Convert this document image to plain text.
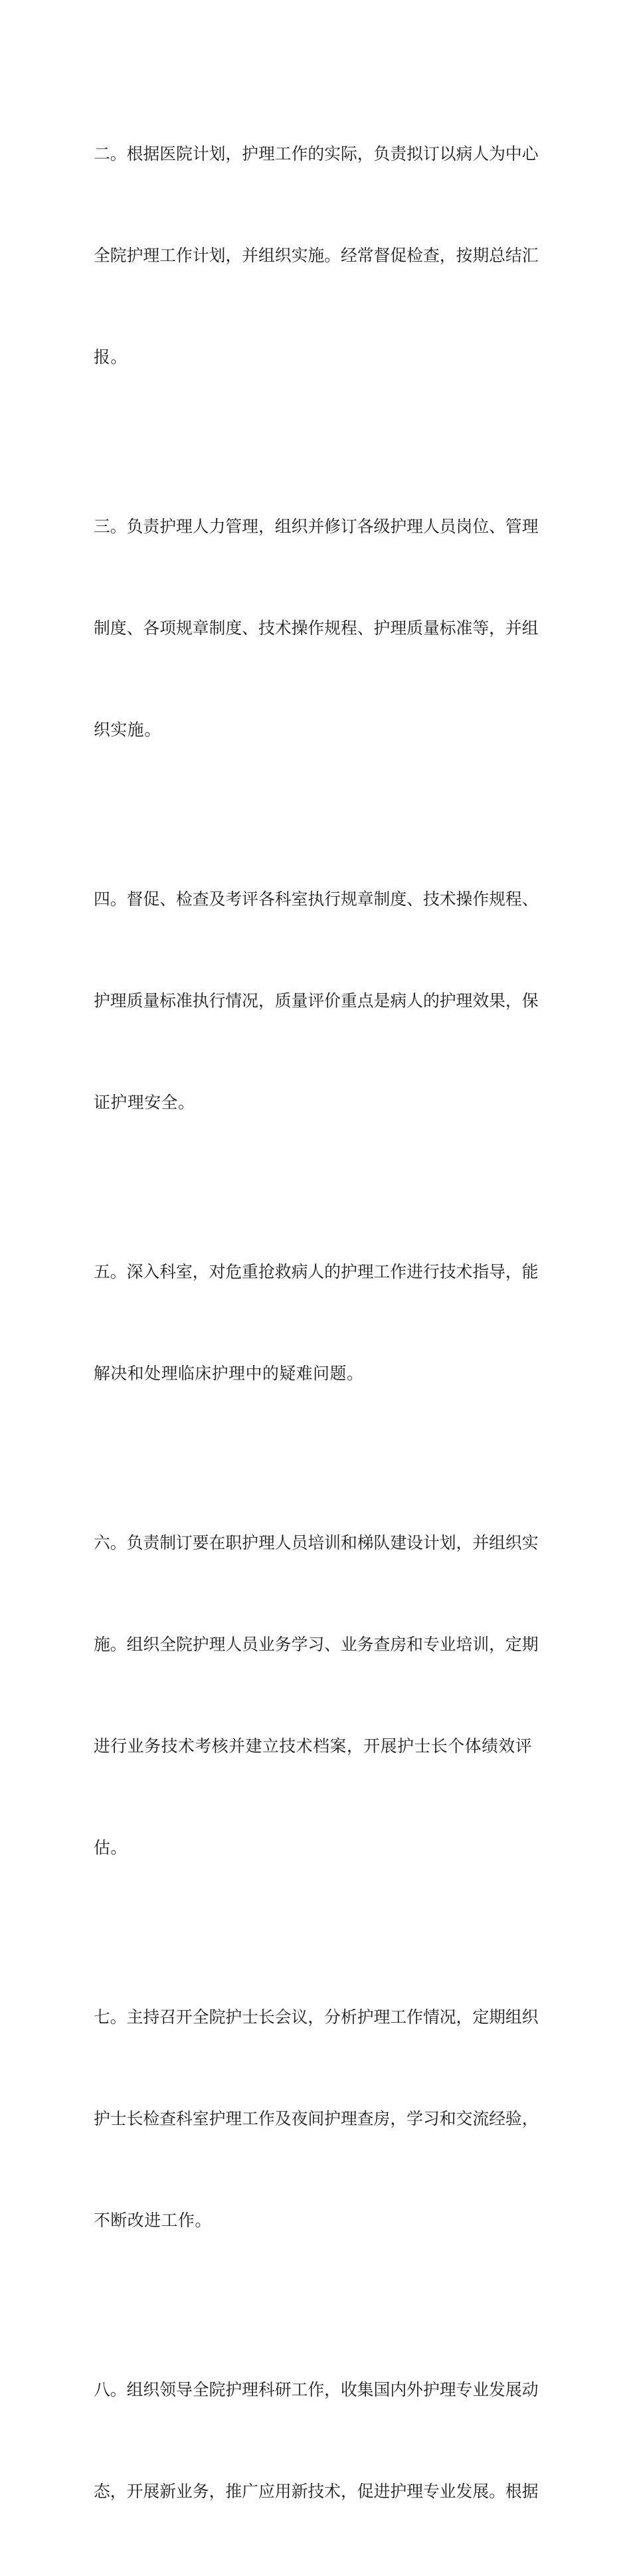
二。根据医院计划，护理工作的实际，负责拟订以病人为中心

全院护理工作计划，并组织实施。经常督促检查，按期总结汇

报。

三。负责护理人力管理，组织并修订各级护理人员岗位、管理

制度、各项规章制度、技术操作规程、护理质量标准等，并组

织实施。

四。督促、检查及考评各科室执行规章制度、技术操作规程、

护理质量标准执行情况，质量评价重点是病人的护理效果，保

证护理安全。

五。深入科室，对危重抢救病人的护理工作进行技术指导，能

解决和处理临床护理中的疑难问题。

六。负责制订要在职护理人员培训和梯队建设计划，并组织实

施。组织全院护理人员业务学习、业务查房和专业培训，定期

进行业务技术考核并建立技术档案，开展护士长个体绩效评

估。

七。主持召开全院护士长会议，分析护理工作情况，定期组织

护士长检查科室护理工作及夜间护理查房，学习和交流经验，

不断改进工作。

八。组织领导全院护理科研工作，收集国内外护理专业发展动

态，开展新业务，推广应用新技术，促进护理专业发展。根据
